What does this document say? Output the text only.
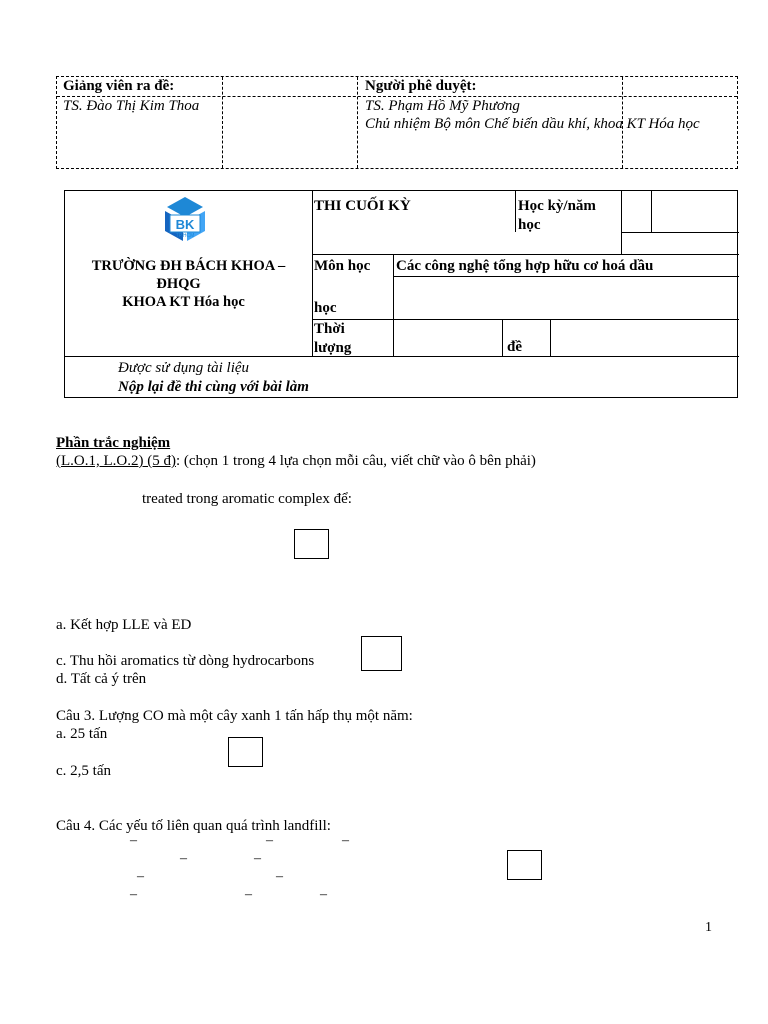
Giảng viên ra đề:	Người phê duyệt:
TS. Đào Thị Kim Thoa	TS. Phạm Hồ Mỹ Phương
Chủ nhiệm Bộ môn Chế biến dầu khí, khoa KT Hóa học
BK
TP.HCM
TRƯỜNG ĐH BÁCH KHOA –
ĐHQG
KHOA KT Hóa học
THI CUỐI KỲ	Học kỳ/năm học
Môn học Các công nghệ tổng hợp hữu cơ hoá dầu
học
Thời lượng	đề
Được sử dụng tài liệu
Nộp lại đề thi cùng với bài làm
Phần trắc nghiệm
(L.O.1, L.O.2) (5 đ): (chọn 1 trong 4 lựa chọn mỗi câu, viết chữ vào ô bên phải)
treated trong aromatic complex để:
a. Kết hợp LLE và ED
c. Thu hồi aromatics từ dòng hydrocarbons
d. Tất cả ý trên
Câu 3. Lượng CO mà một cây xanh 1 tấn hấp thụ một năm:
a. 25 tấn
c. 2,5 tấn
Câu 4. Các yếu tố liên quan quá trình landfill:
–	–	–
–	–
–	–
–	–	–
1
